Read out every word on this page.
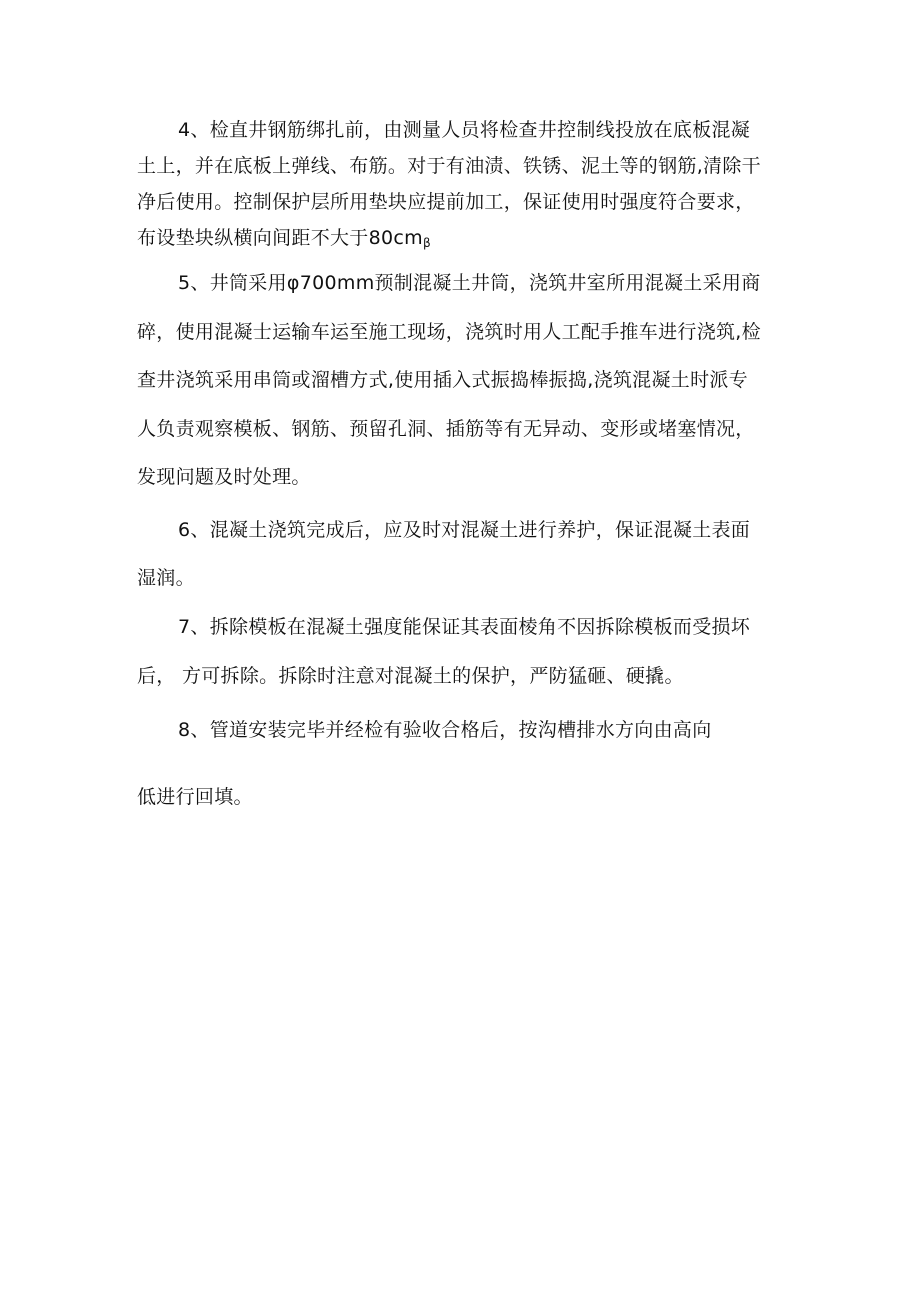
4、检直井钢筋绑扎前，由测量人员将检查井控制线投放在底板混凝
土上，并在底板上弹线、布筋。对于有油渍、铁锈、泥土等的钢筋,清除干
净后使用。控制保护层所用垫块应提前加工，保证使用时强度符合要求，
布设垫块纵横向间距不大于$80cm_\beta$
5、井筒采用φ700mm预制混凝土井筒，浇筑井室所用混凝土采用商
碎，使用混凝士运输车运至施工现场，浇筑时用人工配手推车进行浇筑,检
查井浇筑采用串筒或溜槽方式,使用插入式振捣棒振捣,浇筑混凝土时派专
人负责观察模板、钢筋、预留孔洞、插筋等有无异动、变形或堵塞情况，
发现问题及时处理。
6、混凝土浇筑完成后，应及时对混凝土进行养护，保证混凝土表面
湿润。
7、拆除模板在混凝土强度能保证其表面棱角不因拆除模板而受损坏
后， 方可拆除。拆除时注意对混凝土的保护，严防猛砸、硬撬。
8、管道安装完毕并经检有验收合格后，按沟槽排水方向由高向
低进行回填。
